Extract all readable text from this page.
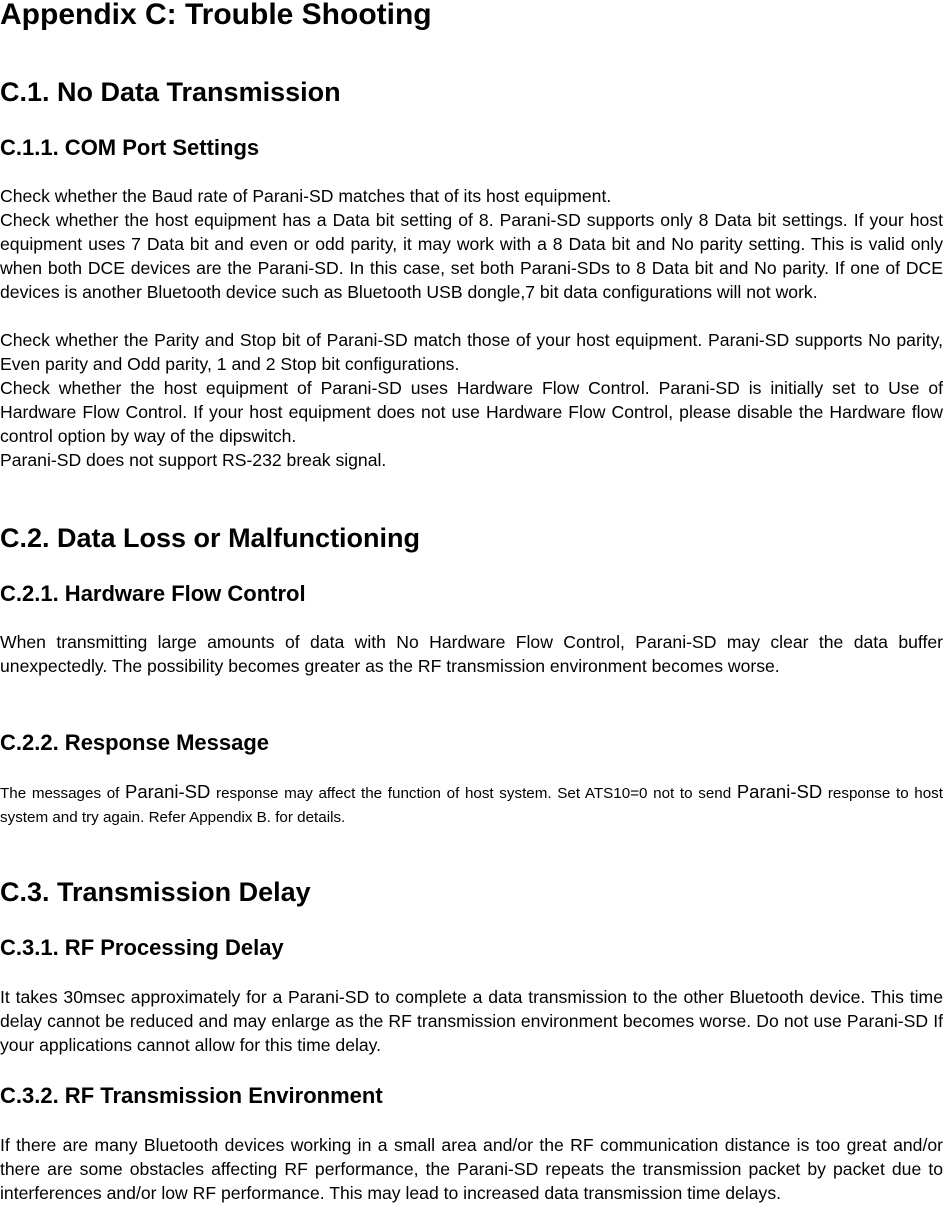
Appendix C: Trouble Shooting
C.1. No Data Transmission
C.1.1. COM Port Settings
Check whether the Baud rate of Parani-SD matches that of its host equipment.
Check whether the host equipment has a Data bit setting of 8. Parani-SD supports only 8 Data bit settings. If your host equipment uses 7 Data bit and even or odd parity, it may work with a 8 Data bit and No parity setting. This is valid only when both DCE devices are the Parani-SD. In this case, set both Parani-SDs to 8 Data bit and No parity. If one of DCE devices is another Bluetooth device such as Bluetooth USB dongle,7 bit data configurations will not work.
Check whether the Parity and Stop bit of Parani-SD match those of your host equipment. Parani-SD supports No parity, Even parity and Odd parity, 1 and 2 Stop bit configurations.
Check whether the host equipment of Parani-SD uses Hardware Flow Control. Parani-SD is initially set to Use of Hardware Flow Control. If your host equipment does not use Hardware Flow Control, please disable the Hardware flow control option by way of the dipswitch.
Parani-SD does not support RS-232 break signal.
C.2. Data Loss or Malfunctioning
C.2.1. Hardware Flow Control
When transmitting large amounts of data with No Hardware Flow Control, Parani-SD may clear the data buffer unexpectedly. The possibility becomes greater as the RF transmission environment becomes worse.
C.2.2. Response Message
The messages of Parani-SD response may affect the function of host system. Set ATS10=0 not to send Parani-SD response to host system and try again. Refer Appendix B. for details.
C.3. Transmission Delay
C.3.1. RF Processing Delay
It takes 30msec approximately for a Parani-SD to complete a data transmission to the other Bluetooth device. This time delay cannot be reduced and may enlarge as the RF transmission environment becomes worse. Do not use Parani-SD If your applications cannot allow for this time delay.
C.3.2. RF Transmission Environment
If there are many Bluetooth devices working in a small area and/or the RF communication distance is too great and/or there are some obstacles affecting RF performance, the Parani-SD repeats the transmission packet by packet due to interferences and/or low RF performance. This may lead to increased data transmission time delays.
